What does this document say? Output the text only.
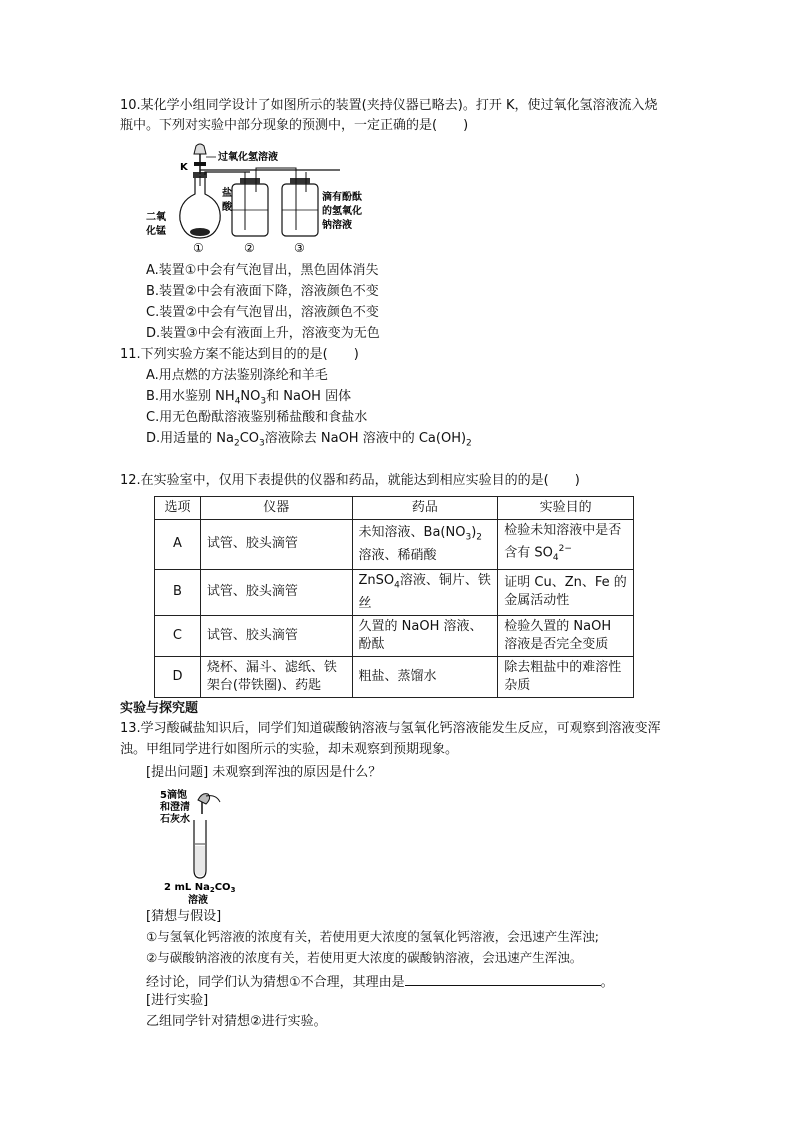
10.某化学小组同学设计了如图所示的装置(夹持仪器已略去)。打开 K，使过氧化氢溶液流入烧
瓶中。下列对实验中部分现象的预测中，一定正确的是(　　)
过氧化氢溶液
K
盐
酸
二氧
化锰
滴有酚酞
的氢氧化
钠溶液
①	②	③
A.装置①中会有气泡冒出，黑色固体消失
B.装置②中会有液面下降，溶液颜色不变
C.装置②中会有气泡冒出，溶液颜色不变
D.装置③中会有液面上升，溶液变为无色
11.下列实验方案不能达到目的的是(　　)
A.用点燃的方法鉴别涤纶和羊毛
B.用水鉴别 $NH_4NO_3$和 NaOH 固体
C.用无色酚酞溶液鉴别稀盐酸和食盐水
D.用适量的 $Na_2CO_3$溶液除去 NaOH 溶液中的 $Ca(OH)_2$
12.在实验室中，仅用下表提供的仪器和药品，就能达到相应实验目的的是(　　)
选项	仪器	药品	实验目的
A	试管、胶头滴管	未知溶液、$Ba(NO_3)_2$溶液、稀硝酸	检验未知溶液中是否含有 $SO_4^{2-}$
B	试管、胶头滴管	ZnSO$_4$溶液、铜片、铁丝	证明 Cu、Zn、Fe 的金属活动性
C	试管、胶头滴管	久置的 NaOH 溶液、酚酞	检验久置的 NaOH 溶液是否完全变质
D	烧杯、漏斗、滤纸、铁架台(带铁圈)、药匙	粗盐、蒸馏水	除去粗盐中的难溶性杂质
实验与探究题
13.学习酸碱盐知识后，同学们知道碳酸钠溶液与氢氧化钙溶液能发生反应，可观察到溶液变浑
浊。甲组同学进行如图所示的实验，却未观察到预期现象。
[提出问题] 未观察到浑浊的原因是什么？
5滴饱
和澄清
石灰水
2 mL $Na_2CO_3$
溶液
[猜想与假设]
①与氢氧化钙溶液的浓度有关，若使用更大浓度的氢氧化钙溶液，会迅速产生浑浊;
②与碳酸钠溶液的浓度有关，若使用更大浓度的碳酸钠溶液，会迅速产生浑浊。
经讨论，同学们认为猜想①不合理，其理由是	。
[进行实验]
乙组同学针对猜想②进行实验。
